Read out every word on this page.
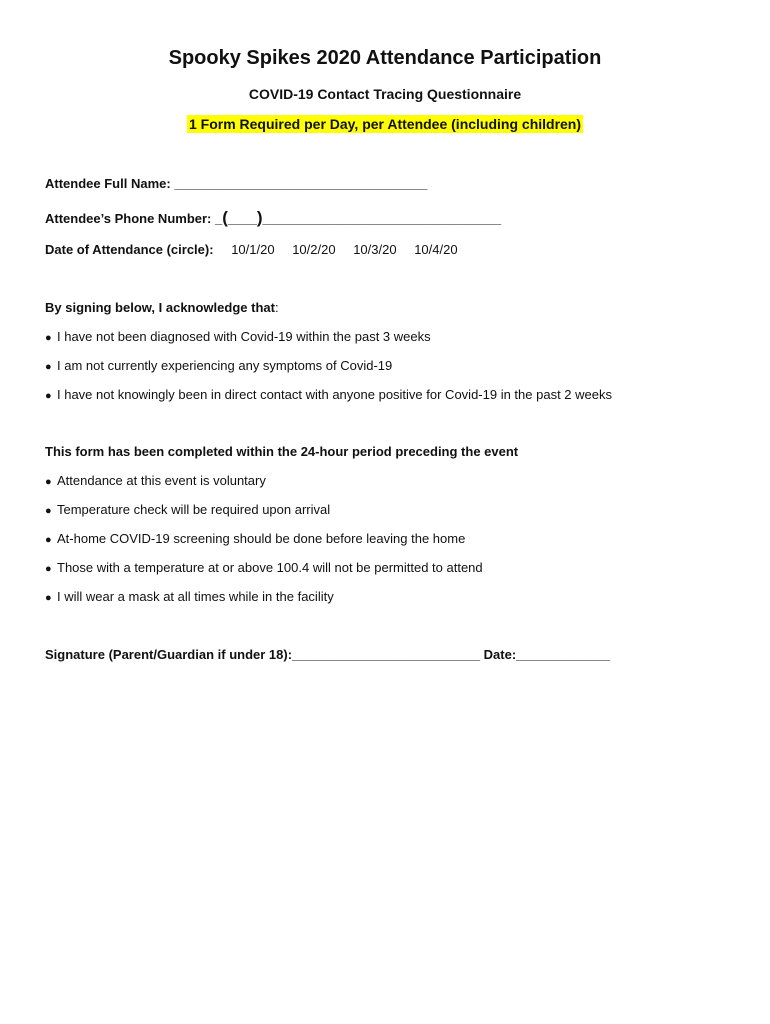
Spooky Spikes 2020 Attendance Participation
COVID-19 Contact Tracing Questionnaire
1 Form Required per Day, per Attendee (including children)
Attendee Full Name: ___________________________________
Attendee’s Phone Number: _(____)_________________________________
Date of Attendance (circle): 10/1/20 10/2/20 10/3/20 10/4/20
By signing below, I acknowledge that:
● I have not been diagnosed with Covid-19 within the past 3 weeks
● I am not currently experiencing any symptoms of Covid-19
● I have not knowingly been in direct contact with anyone positive for Covid-19 in the past 2 weeks
This form has been completed within the 24-hour period preceding the event
● Attendance at this event is voluntary
● Temperature check will be required upon arrival
● At-home COVID-19 screening should be done before leaving the home
● Those with a temperature at or above 100.4 will not be permitted to attend
● I will wear a mask at all times while in the facility
Signature (Parent/Guardian if under 18):__________________________ Date:_____________
